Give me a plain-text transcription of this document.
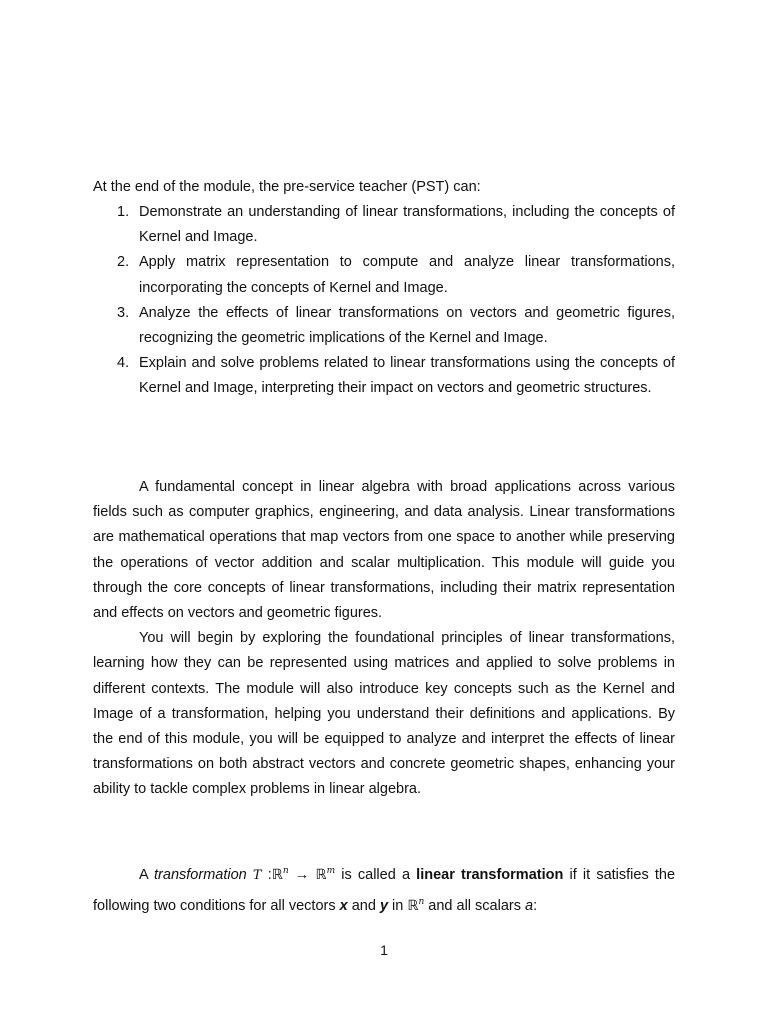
At the end of the module, the pre-service teacher (PST) can:
1. Demonstrate an understanding of linear transformations, including the concepts of Kernel and Image.
2. Apply matrix representation to compute and analyze linear transformations, incorporating the concepts of Kernel and Image.
3. Analyze the effects of linear transformations on vectors and geometric figures, recognizing the geometric implications of the Kernel and Image.
4. Explain and solve problems related to linear transformations using the concepts of Kernel and Image, interpreting their impact on vectors and geometric structures.

A fundamental concept in linear algebra with broad applications across various fields such as computer graphics, engineering, and data analysis. Linear transformations are mathematical operations that map vectors from one space to another while preserving the operations of vector addition and scalar multiplication. This module will guide you through the core concepts of linear transformations, including their matrix representation and effects on vectors and geometric figures.

You will begin by exploring the foundational principles of linear transformations, learning how they can be represented using matrices and applied to solve problems in different contexts. The module will also introduce key concepts such as the Kernel and Image of a transformation, helping you understand their definitions and applications. By the end of this module, you will be equipped to analyze and interpret the effects of linear transformations on both abstract vectors and concrete geometric shapes, enhancing your ability to tackle complex problems in linear algebra.

A transformation T :ℝ$^n$ → ℝ$^m$ is called a linear transformation if it satisfies the following two conditions for all vectors x and y in ℝ$^n$ and all scalars a:

1
